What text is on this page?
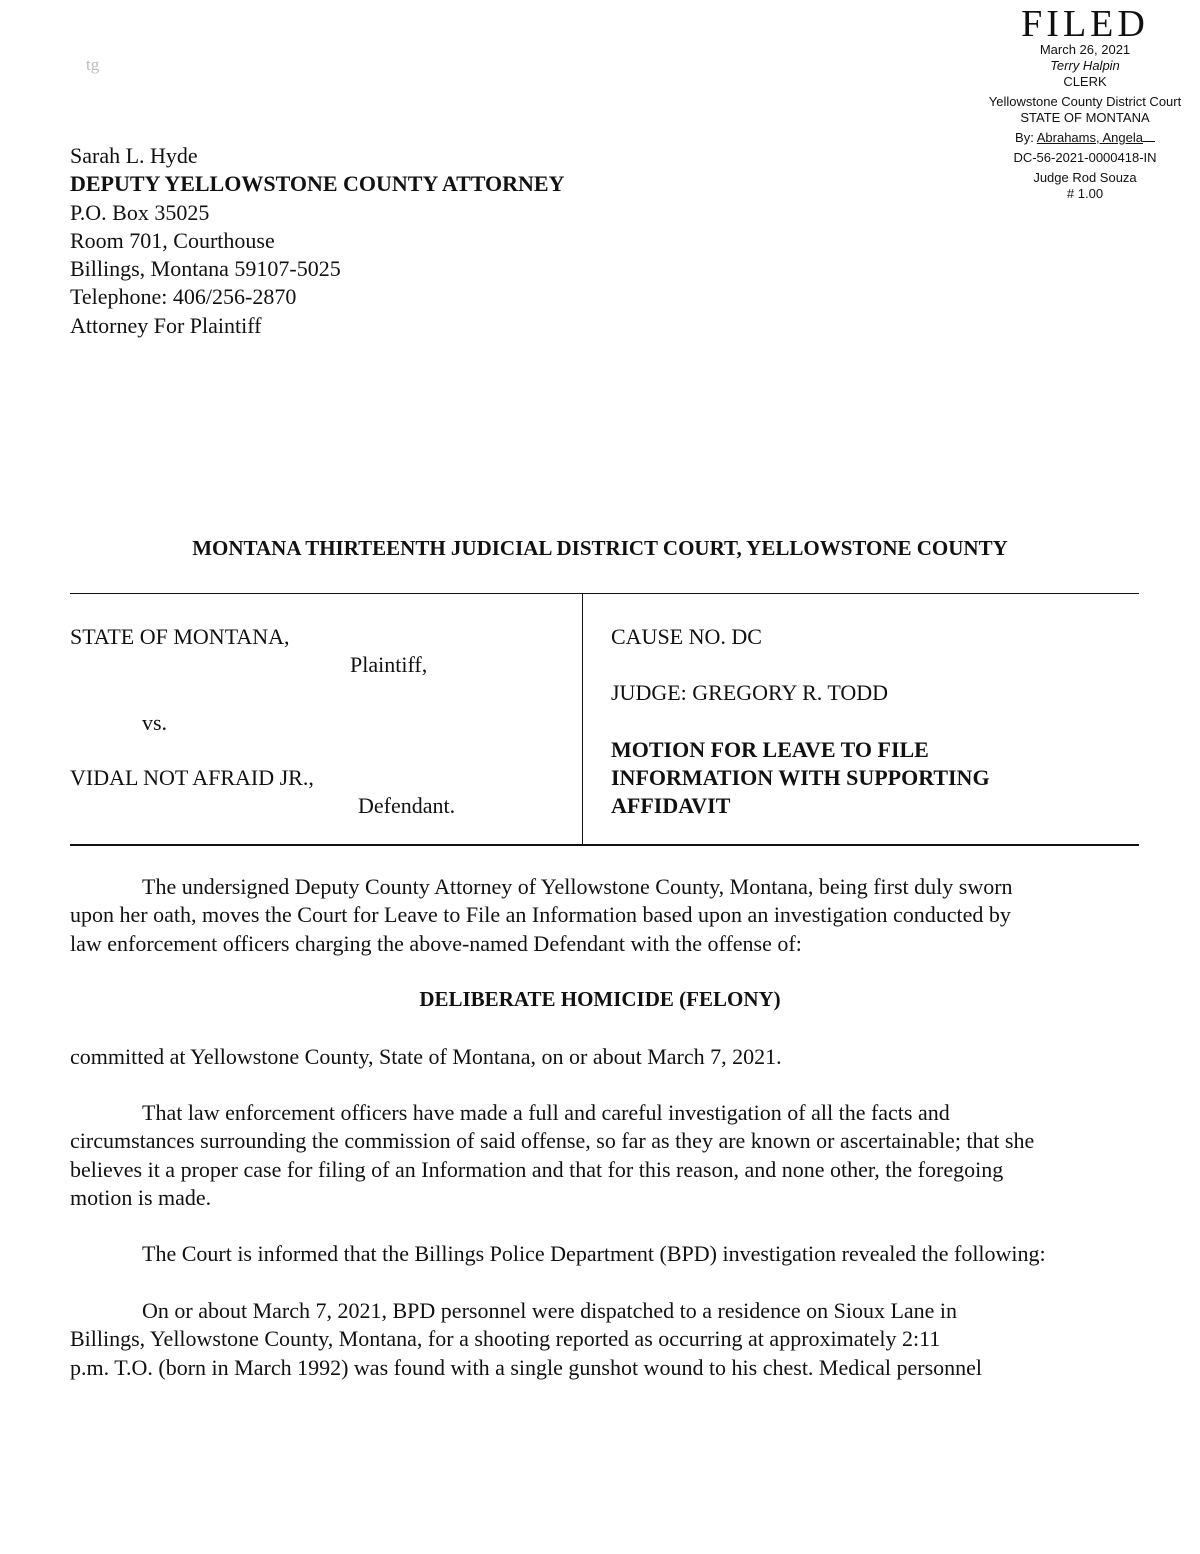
tg
FILED
March 26, 2021
Terry Halpin
CLERK
Yellowstone County District Court
STATE OF MONTANA
By: Abrahams, Angela
DC-56-2021-0000418-IN
Judge Rod Souza
# 1.00
Sarah L. Hyde
DEPUTY YELLOWSTONE COUNTY ATTORNEY
P.O. Box 35025
Room 701, Courthouse
Billings, Montana 59107-5025
Telephone: 406/256-2870
Attorney For Plaintiff
MONTANA THIRTEENTH JUDICIAL DISTRICT COURT, YELLOWSTONE COUNTY
STATE OF MONTANA,
Plaintiff,
vs.
VIDAL NOT AFRAID JR.,
Defendant.
CAUSE NO. DC
JUDGE: GREGORY R. TODD
MOTION FOR LEAVE TO FILE
INFORMATION WITH SUPPORTING
AFFIDAVIT
The undersigned Deputy County Attorney of Yellowstone County, Montana, being first duly sworn
upon her oath, moves the Court for Leave to File an Information based upon an investigation conducted by
law enforcement officers charging the above-named Defendant with the offense of:
DELIBERATE HOMICIDE (FELONY)
committed at Yellowstone County, State of Montana, on or about March 7, 2021.
That law enforcement officers have made a full and careful investigation of all the facts and
circumstances surrounding the commission of said offense, so far as they are known or ascertainable; that she
believes it a proper case for filing of an Information and that for this reason, and none other, the foregoing
motion is made.
The Court is informed that the Billings Police Department (BPD) investigation revealed the following:
On or about March 7, 2021, BPD personnel were dispatched to a residence on Sioux Lane in
Billings, Yellowstone County, Montana, for a shooting reported as occurring at approximately 2:11
p.m. T.O. (born in March 1992) was found with a single gunshot wound to his chest. Medical personnel
